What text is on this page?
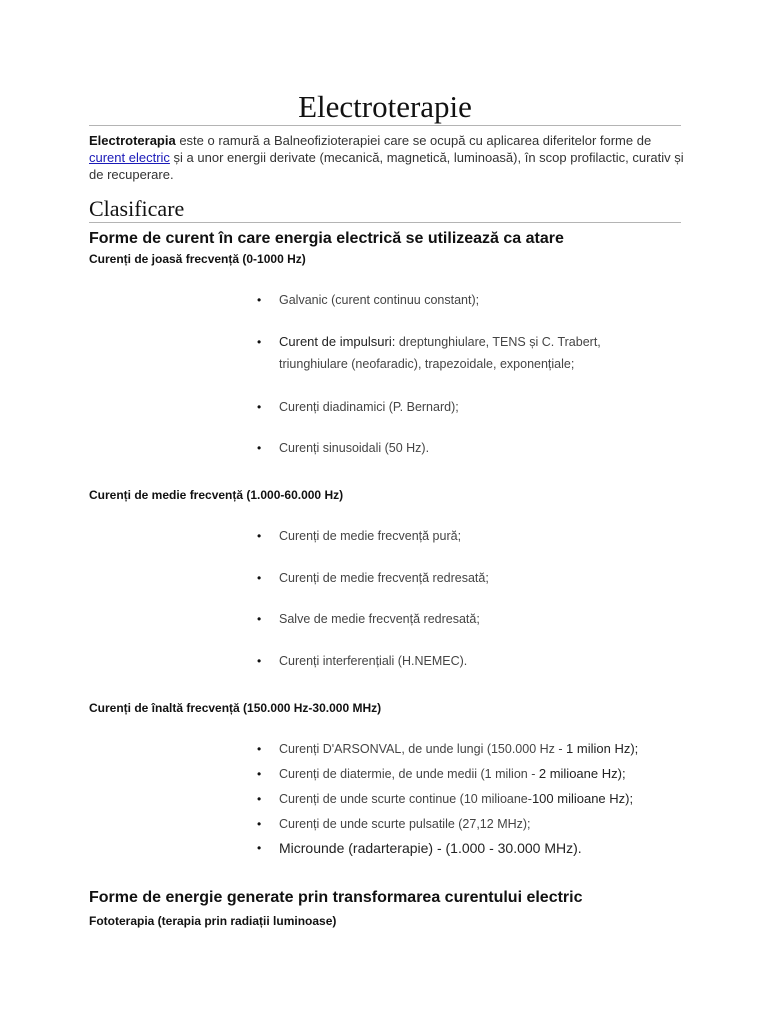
Electroterapie
Electroterapia este o ramură a Balneofizioterapiei care se ocupă cu aplicarea diferitelor forme de curent electric și a unor energii derivate (mecanică, magnetică, luminoasă), în scop profilactic, curativ și de recuperare.
Clasificare
Forme de curent în care energia electrică se utilizează ca atare
Curenți de joasă frecvență (0-1000 Hz)
• Galvanic (curent continuu constant);
• Curent de impulsuri: dreptunghiulare, TENS și C. Trabert,
triunghiulare (neofaradic), trapezoidale, exponențiale;
• Curenți diadinamici (P. Bernard);
• Curenți sinusoidali (50 Hz).
Curenți de medie frecvență (1.000-60.000 Hz)
• Curenți de medie frecvență pură;
• Curenți de medie frecvență redresată;
• Salve de medie frecvență redresată;
• Curenți interferențiali (H.NEMEC).
Curenți de înaltă frecvență (150.000 Hz-30.000 MHz)
• Curenți D'ARSONVAL, de unde lungi (150.000 Hz - 1 milion Hz);
• Curenți de diatermie, de unde medii (1 milion - 2 milioane Hz);
• Curenți de unde scurte continue (10 milioane-100 milioane Hz);
• Curenți de unde scurte pulsatile (27,12 MHz);
• Microunde (radarterapie) - (1.000 - 30.000 MHz).
Forme de energie generate prin transformarea curentului electric
Fototerapia (terapia prin radiații luminoase)
